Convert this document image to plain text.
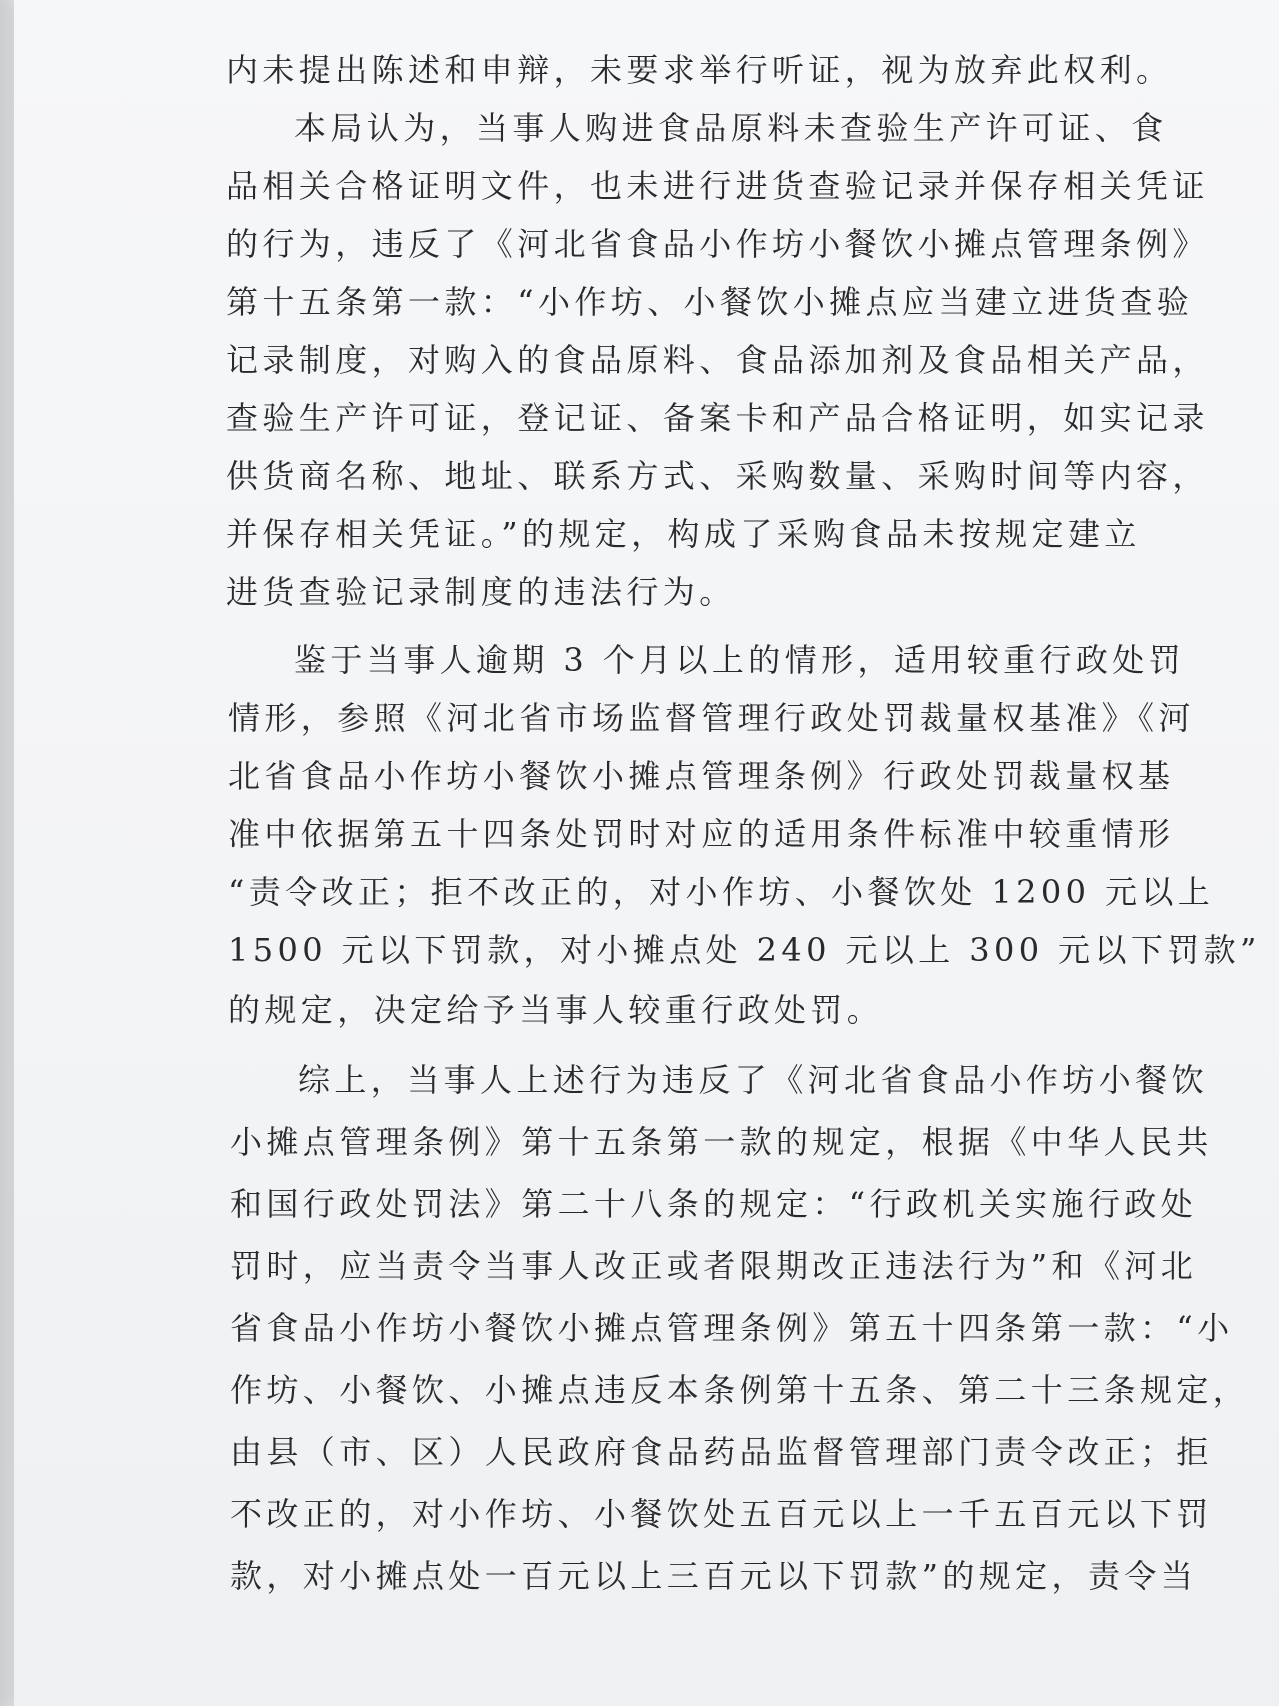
内未提出陈述和申辩，未要求举行听证，视为放弃此权利。
本局认为，当事人购进食品原料未查验生产许可证、食
品相关合格证明文件，也未进行进货查验记录并保存相关凭证
的行为，违反了《河北省食品小作坊小餐饮小摊点管理条例》
第十五条第一款：“小作坊、小餐饮小摊点应当建立进货查验
记录制度，对购入的食品原料、食品添加剂及食品相关产品，
查验生产许可证，登记证、备案卡和产品合格证明，如实记录
供货商名称、地址、联系方式、采购数量、采购时间等内容，
并保存相关凭证。”的规定，构成了采购食品未按规定建立
进货查验记录制度的违法行为。
鉴于当事人逾期 3 个月以上的情形，适用较重行政处罚
情形，参照《河北省市场监督管理行政处罚裁量权基准》《河
北省食品小作坊小餐饮小摊点管理条例》行政处罚裁量权基
准中依据第五十四条处罚时对应的适用条件标准中较重情形
“责令改正；拒不改正的，对小作坊、小餐饮处 1200 元以上
1500 元以下罚款，对小摊点处 240 元以上 300 元以下罚款”
的规定，决定给予当事人较重行政处罚。
综上，当事人上述行为违反了《河北省食品小作坊小餐饮
小摊点管理条例》第十五条第一款的规定，根据《中华人民共
和国行政处罚法》第二十八条的规定：“行政机关实施行政处
罚时，应当责令当事人改正或者限期改正违法行为”和《河北
省食品小作坊小餐饮小摊点管理条例》第五十四条第一款：“小
作坊、小餐饮、小摊点违反本条例第十五条、第二十三条规定，
由县（市、区）人民政府食品药品监督管理部门责令改正；拒
不改正的，对小作坊、小餐饮处五百元以上一千五百元以下罚
款，对小摊点处一百元以上三百元以下罚款”的规定，责令当
